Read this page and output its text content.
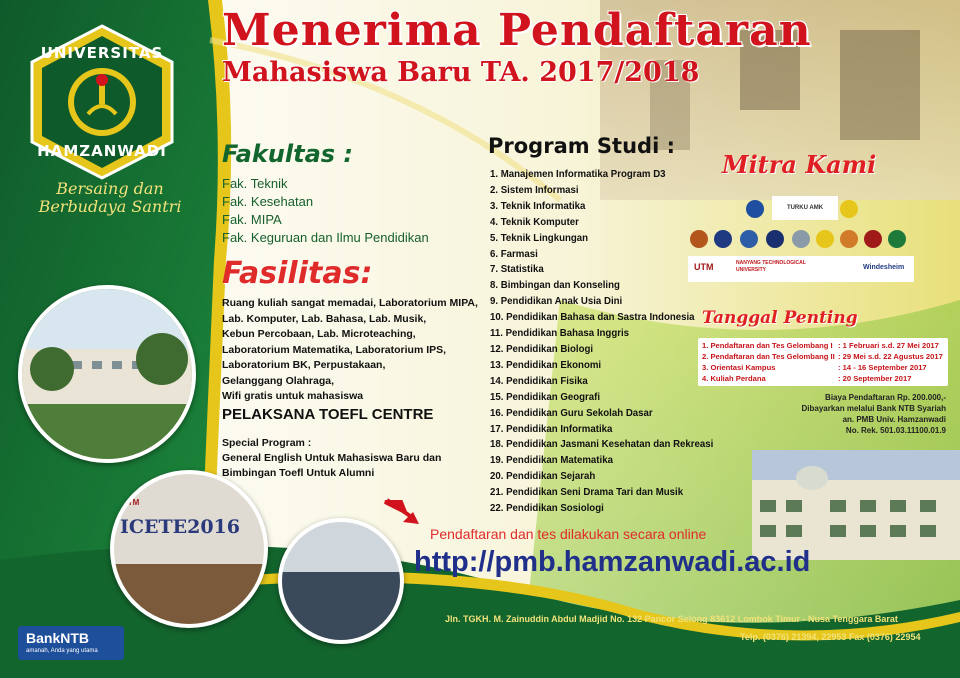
UNIVERSITAS
HAMZANWADI
Bersaing dan
Berbudaya Santri
Menerima Pendaftaran
Mahasiswa Baru TA. 2017/2018
Fakultas :
Fak. Teknik
Fak. Kesehatan
Fak. MIPA
Fak. Keguruan dan Ilmu Pendidikan
Fasilitas:
Ruang kuliah sangat memadai, Laboratorium MIPA,
Lab. Komputer, Lab. Bahasa, Lab. Musik,
Kebun Percobaan, Lab. Microteaching,
Laboratorium Matematika, Laboratorium IPS,
Laboratorium BK, Perpustakaan,
Gelanggang Olahraga,
Wifi gratis untuk mahasiswa
PELAKSANA TOEFL CENTRE
Special Program :
General English Untuk Mahasiswa Baru dan
Bimbingan Toefl Untuk Alumni
Program Studi :
1. Manajemen Informatika Program D3
2. Sistem Informasi
3. Teknik Informatika
4. Teknik Komputer
5. Teknik Lingkungan
6. Farmasi
7. Statistika
8. Bimbingan dan Konseling
9. Pendidikan Anak Usia Dini
10. Pendidikan Bahasa dan Sastra Indonesia
11. Pendidikan Bahasa Inggris
12. Pendidikan Biologi
13. Pendidikan Ekonomi
14. Pendidikan Fisika
15. Pendidikan Geografi
16. Pendidikan Guru Sekolah Dasar
17. Pendidikan Informatika
18. Pendidikan Jasmani Kesehatan dan Rekreasi
19. Pendidikan Matematika
20. Pendidikan Sejarah
21. Pendidikan Seni Drama Tari dan Musik
22. Pendidikan Sosiologi
Mitra Kami
TURKU AMK
UTM	NANYANG TECHNOLOGICAL UNIVERSITY	Windesheim
Tanggal Penting
1. Pendaftaran dan Tes Gelombang I : 1 Februari s.d. 27 Mei 2017
2. Pendaftaran dan Tes Gelombang II : 29 Mei s.d. 22 Agustus 2017
3. Orientasi Kampus	: 14 - 16 September 2017
4. Kuliah Perdana	: 20 September 2017
Biaya Pendaftaran Rp. 200.000,-
Dibayarkan melalui Bank NTB Syariah
an. PMB Univ. Hamzanwadi
No. Rek. 501.03.11100.01.9
ICETE2016
UTM
Pendaftaran dan tes dilakukan secara online
http://pmb.hamzanwadi.ac.id
Jln. TGKH. M. Zainuddin Abdul Madjid No. 132 Pancor Selong 83612 Lombok Timur - Nusa Tenggara Barat
Telp. (0376) 21394, 22953 Fax (0376) 22954
BankNTB
amanah, Anda yang utama
